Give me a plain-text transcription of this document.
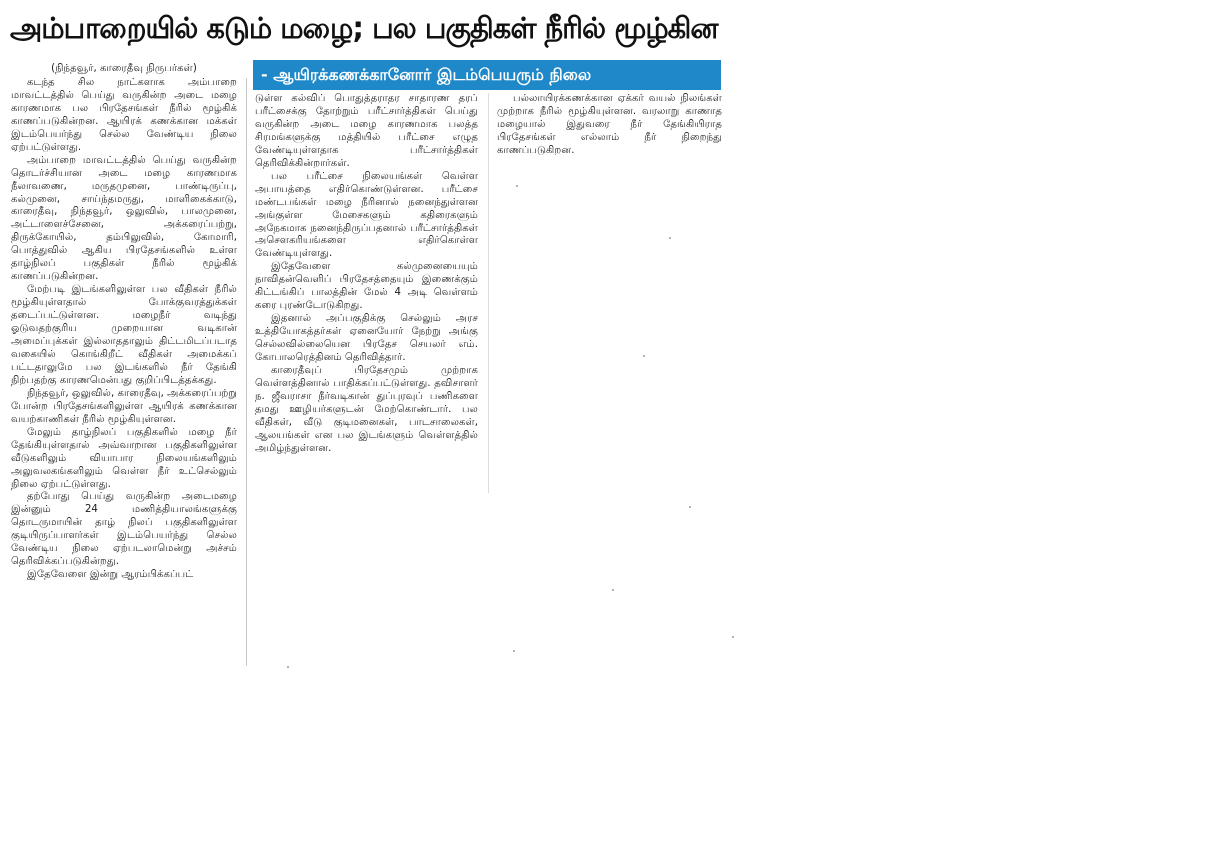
அம்பாறையில் கடும் மழை; பல பகுதிகள் நீரில் மூழ்கின
- ஆயிரக்கணக்கானோர் இடம்பெயரும் நிலை

(நிந்தவூர், காரைதீவு நிருபர்கள்)

கடந்த சில நாட்களாக அம்பாறை மாவட்டத்தில் பெய்து வருகின்ற அடை மழை காரணமாக பல பிரதேசங்கள் நீரில் மூழ்கிக் காணப்படுகின்றன. ஆயிரக் கணக்கான மக்கள் இடம்பெயர்ந்து செல்ல வேண்டிய நிலை ஏற்பட்டுள்ளது.

அம்பாறை மாவட்டத்தில் பெய்து வருகின்ற தொடர்ச்சியான அடை மழை காரணமாக நீலாவணை, மருதமுனை, பாண்டிருப்பு, கல்முனை, சாய்ந்தமருது, மாளிகைக்காடு, காரைதீவு, நிந்தவூர், ஒலுவில், பாலமுனை, அட்டாளைச்சேனை, அக்கரைப்பற்று, திருக்கோயில், தம்பிலுவில், கோமாரி, பொத்துவில் ஆகிய பிரதேசங்களில் உள்ள தாழ்நிலப் பகுதிகள் நீரில் மூழ்கிக் காணப்படுகின்றன.

மேற்படி இடங்களிலுள்ள பல வீதிகள் நீரில் மூழ்கியுள்ளதால் போக்குவரத்துக்கள் தடைப்பட்டுள்ளன. மழைநீர் வடிந்து ஓடுவதற்குரிய முறையான வடிகான் அமைப்புக்கள் இல்லாததாலும் திட்டமிடப்படாத வகையில் கொங்கிறீட் வீதிகள் அமைக்கப் பட்டதாலுமே பல இடங்களில் நீர் தேங்கி நிற்பதற்கு காரணமென்பது குறிப்பிடத்தக்கது.

நிந்தவூர், ஒலுவில், காரைதீவு, அக்கரைப்பற்று போன்ற பிரதேசங்களிலுள்ள ஆயிரக் கணக்கான வயற்காணிகள் நீரில் மூழ்கியுள்ளன.

மேலும் தாழ்நிலப் பகுதிகளில் மழை நீர் தேங்கியுள்ளதால் அவ்வாறான பகுதிகளிலுள்ள வீடுகளிலும் வியாபார நிலையங்களிலும் அலுவலகங்களிலும் வெள்ள நீர் உட்செல்லும் நிலை ஏற்பட்டுள்ளது.

தற்போது பெய்து வருகின்ற அடைமழை இன்னும் 24 மணித்தியாலங்களுக்கு தொடருமாயின் தாழ் நிலப் பகுதிகளிலுள்ள குடியிருப்பாளர்கள் இடம்பெயர்ந்து செல்ல வேண்டிய நிலை ஏற்படலாமென்று அச்சம் தெரிவிக்கப்படுகின்றது.

இதேவேளை இன்று ஆரம்பிக்கப்பட்

டுள்ள கல்விப் பொதுத்தராதர சாதாரண தரப் பரீட்சைக்கு தோற்றும் பரீட்சார்த்திகள் பெய்து வருகின்ற அடை மழை காரணமாக பலத்த சிரமங்களுக்கு மத்தியில் பரீட்சை எழுத வேண்டியுள்ளதாக பரீட்சார்த்திகள் தெரிவிக்கின்றார்கள்.

பல பரீட்சை நிலையங்கள் வெள்ள அபாயத்தை எதிர்கொண்டுள்ளன. பரீட்சை மண்டபங்கள் மழை நீரினால் நனைந்துள்ளன அங்குள்ள மேசைகளும் கதிரைகளும் அநேகமாக நனைந்திருப்பதனால் பரீட்சார்த்திகள் அசௌகரியங்களை எதிர்கொள்ள வேண்டியுள்ளது.

இதேவேளை கல்முனையையும் நாவிதன்வெளிப் பிரதேசத்தையும் இணைக்கும் கிட்டங்கிப் பாலத்தின் மேல் 4 அடி வெள்ளம் கரை புரண்டோடுகிறது.

இதனால் அப்பகுதிக்கு செல்லும் அரச உத்தியோகத்தர்கள் ஏனையோர் நேற்று அங்கு செல்லவில்லையென பிரதேச செயலர் எம். கோபாலரெத்தினம் தெரிவித்தார்.

காரைதீவுப் பிரதேசமும் முற்றாக வெள்ளத்தினால் பாதிக்கப்பட்டுள்ளது. தவிசாளர் ந. ஜீவராசா நீர்வடிகான் துப்புரவுப் பணிகளை தமது ஊழியர்களுடன் மேற்கொண்டார். பல வீதிகள், வீடு குடிமனைகள், பாடசாலைகள், ஆலயங்கள் என பல இடங்களும் வெள்ளத்தில் அமிழ்ந்துள்ளன.

பல்லாயிரக்கணக்கான ஏக்கர் வயல் நிலங்கள் முற்றாக நீரில் மூழ்கியுள்ளன. வரலாறு காணாத மழையால் இதுவரை நீர் தேங்கியிராத பிரதேசங்கள் எல்லாம் நீர் நிறைந்து காணப்படுகிறன.
